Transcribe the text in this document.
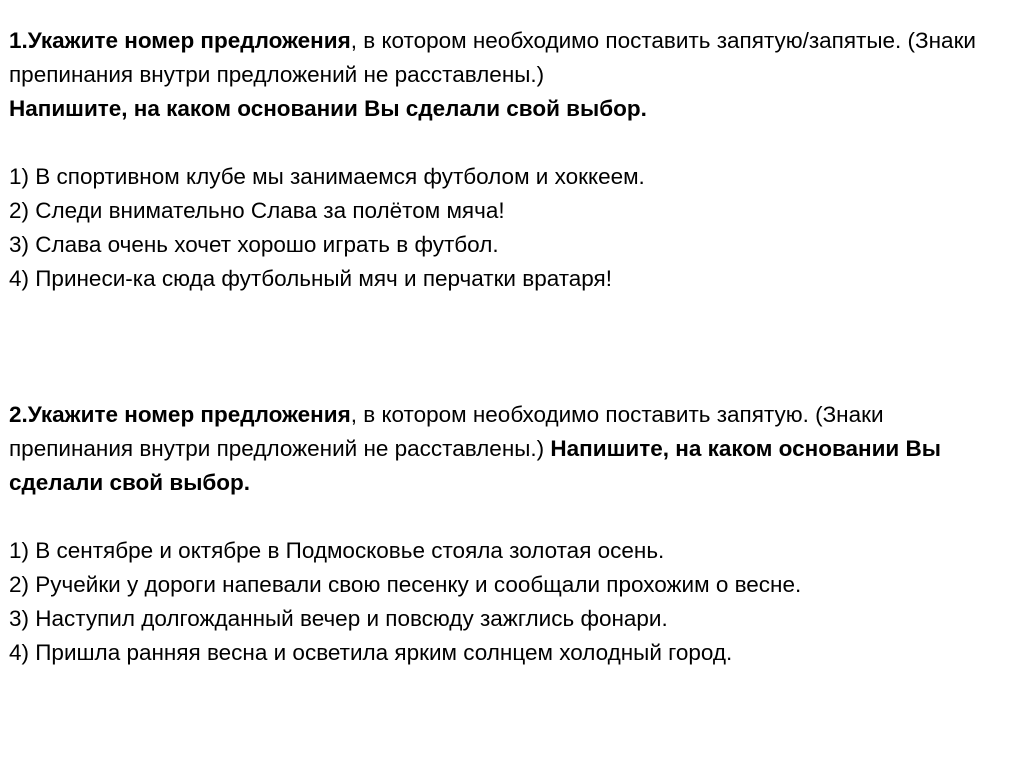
1.Укажите номер предложения, в котором необходимо поставить запятую/запятые. (Знаки препинания внутри предложений не расставлены.)
Напишите, на каком основании Вы сделали свой выбор.

1) В спортивном клубе мы занимаемся футболом и хоккеем.
2) Следи внимательно Слава за полётом мяча!
3) Слава очень хочет хорошо играть в футбол.
4) Принеси-ка сюда футбольный мяч и перчатки вратаря!

2.Укажите номер предложения, в котором необходимо поставить запятую. (Знаки препинания внутри предложений не расставлены.) Напишите, на каком основании Вы сделали свой выбор.

1) В сентябре и октябре в Подмосковье стояла золотая осень.
2) Ручейки у дороги напевали свою песенку и сообщали прохожим о весне.
3) Наступил долгожданный вечер и повсюду зажглись фонари.
4) Пришла ранняя весна и осветила ярким солнцем холодный город.
